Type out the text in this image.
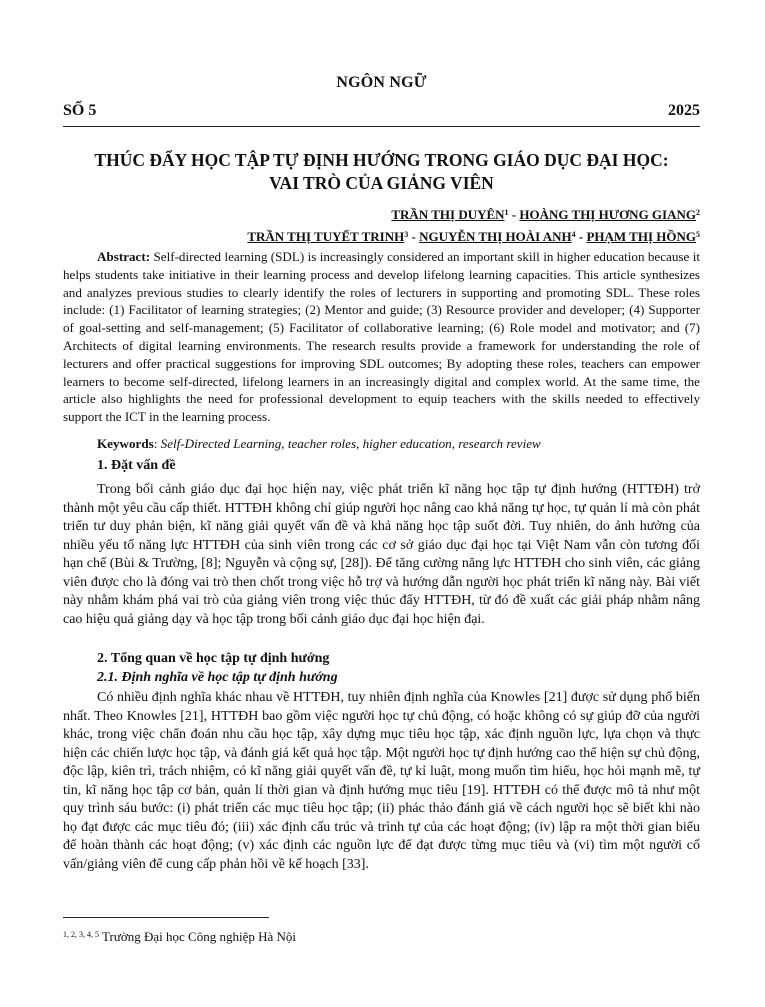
NGÔN NGỮ
SỐ 5	2025
THÚC ĐẨY HỌC TẬP TỰ ĐỊNH HƯỚNG TRONG GIÁO DỤC ĐẠI HỌC:
VAI TRÒ CỦA GIẢNG VIÊN
TRẦN THỊ DUYÊN$^1$ - HOÀNG THỊ HƯƠNG GIANG$^2$
TRẦN THỊ TUYẾT TRINH$^3$ - NGUYỄN THỊ HOÀI ANH$^4$ - PHẠM THỊ HỒNG$^5$
Abstract: Self-directed learning (SDL) is increasingly considered an important skill in higher education because it helps students take initiative in their learning process and develop lifelong learning capacities. This article synthesizes and analyzes previous studies to clearly identify the roles of lecturers in supporting and promoting SDL. These roles include: (1) Facilitator of learning strategies; (2) Mentor and guide; (3) Resource provider and developer; (4) Supporter of goal-setting and self-management; (5) Facilitator of collaborative learning; (6) Role model and motivator; and (7) Architects of digital learning environments. The research results provide a framework for understanding the role of lecturers and offer practical suggestions for improving SDL outcomes; By adopting these roles, teachers can empower learners to become self-directed, lifelong learners in an increasingly digital and complex world. At the same time, the article also highlights the need for professional development to equip teachers with the skills needed to effectively support the ICT in the learning process.
Keywords: Self-Directed Learning, teacher roles, higher education, research review
1. Đặt vấn đề
Trong bối cảnh giáo dục đại học hiện nay, việc phát triển kĩ năng học tập tự định hướng (HTTĐH) trở thành một yêu cầu cấp thiết. HTTĐH không chỉ giúp người học nâng cao khả năng tự học, tự quản lí mà còn phát triển tư duy phản biện, kĩ năng giải quyết vấn đề và khả năng học tập suốt đời. Tuy nhiên, do ảnh hưởng của nhiều yếu tố năng lực HTTĐH của sinh viên trong các cơ sở giáo dục đại học tại Việt Nam vẫn còn tương đối hạn chế (Bùi & Trường, [8]; Nguyễn và cộng sự, [28]). Để tăng cường năng lực HTTĐH cho sinh viên, các giảng viên được cho là đóng vai trò then chốt trong việc hỗ trợ và hướng dẫn người học phát triển kĩ năng này. Bài viết này nhằm khám phá vai trò của giảng viên trong việc thúc đẩy HTTĐH, từ đó đề xuất các giải pháp nhằm nâng cao hiệu quả giảng dạy và học tập trong bối cảnh giáo dục đại học hiện đại.
2. Tổng quan về học tập tự định hướng
2.1. Định nghĩa về học tập tự định hướng
Có nhiều định nghĩa khác nhau về HTTĐH, tuy nhiên định nghĩa của Knowles [21] được sử dụng phổ biến nhất. Theo Knowles [21], HTTĐH bao gồm việc người học tự chủ động, có hoặc không có sự giúp đỡ của người khác, trong việc chẩn đoán nhu cầu học tập, xây dựng mục tiêu học tập, xác định nguồn lực, lựa chọn và thực hiện các chiến lược học tập, và đánh giá kết quả học tập. Một người học tự định hướng cao thể hiện sự chủ động, độc lập, kiên trì, trách nhiệm, có kĩ năng giải quyết vấn đề, tự kỉ luật, mong muốn tìm hiểu, học hỏi mạnh mẽ, tự tin, kĩ năng học tập cơ bản, quản lí thời gian và định hướng mục tiêu [19]. HTTĐH có thể được mô tả như một quy trình sáu bước: (i) phát triển các mục tiêu học tập; (ii) phác thảo đánh giá về cách người học sẽ biết khi nào họ đạt được các mục tiêu đó; (iii) xác định cấu trúc và trình tự của các hoạt động; (iv) lập ra một thời gian biểu để hoàn thành các hoạt động; (v) xác định các nguồn lực để đạt được từng mục tiêu và (vi) tìm một người cố vấn/giảng viên để cung cấp phản hồi về kế hoạch [33].
$^{1, 2, 3, 4, 5}$ Trường Đại học Công nghiệp Hà Nội
